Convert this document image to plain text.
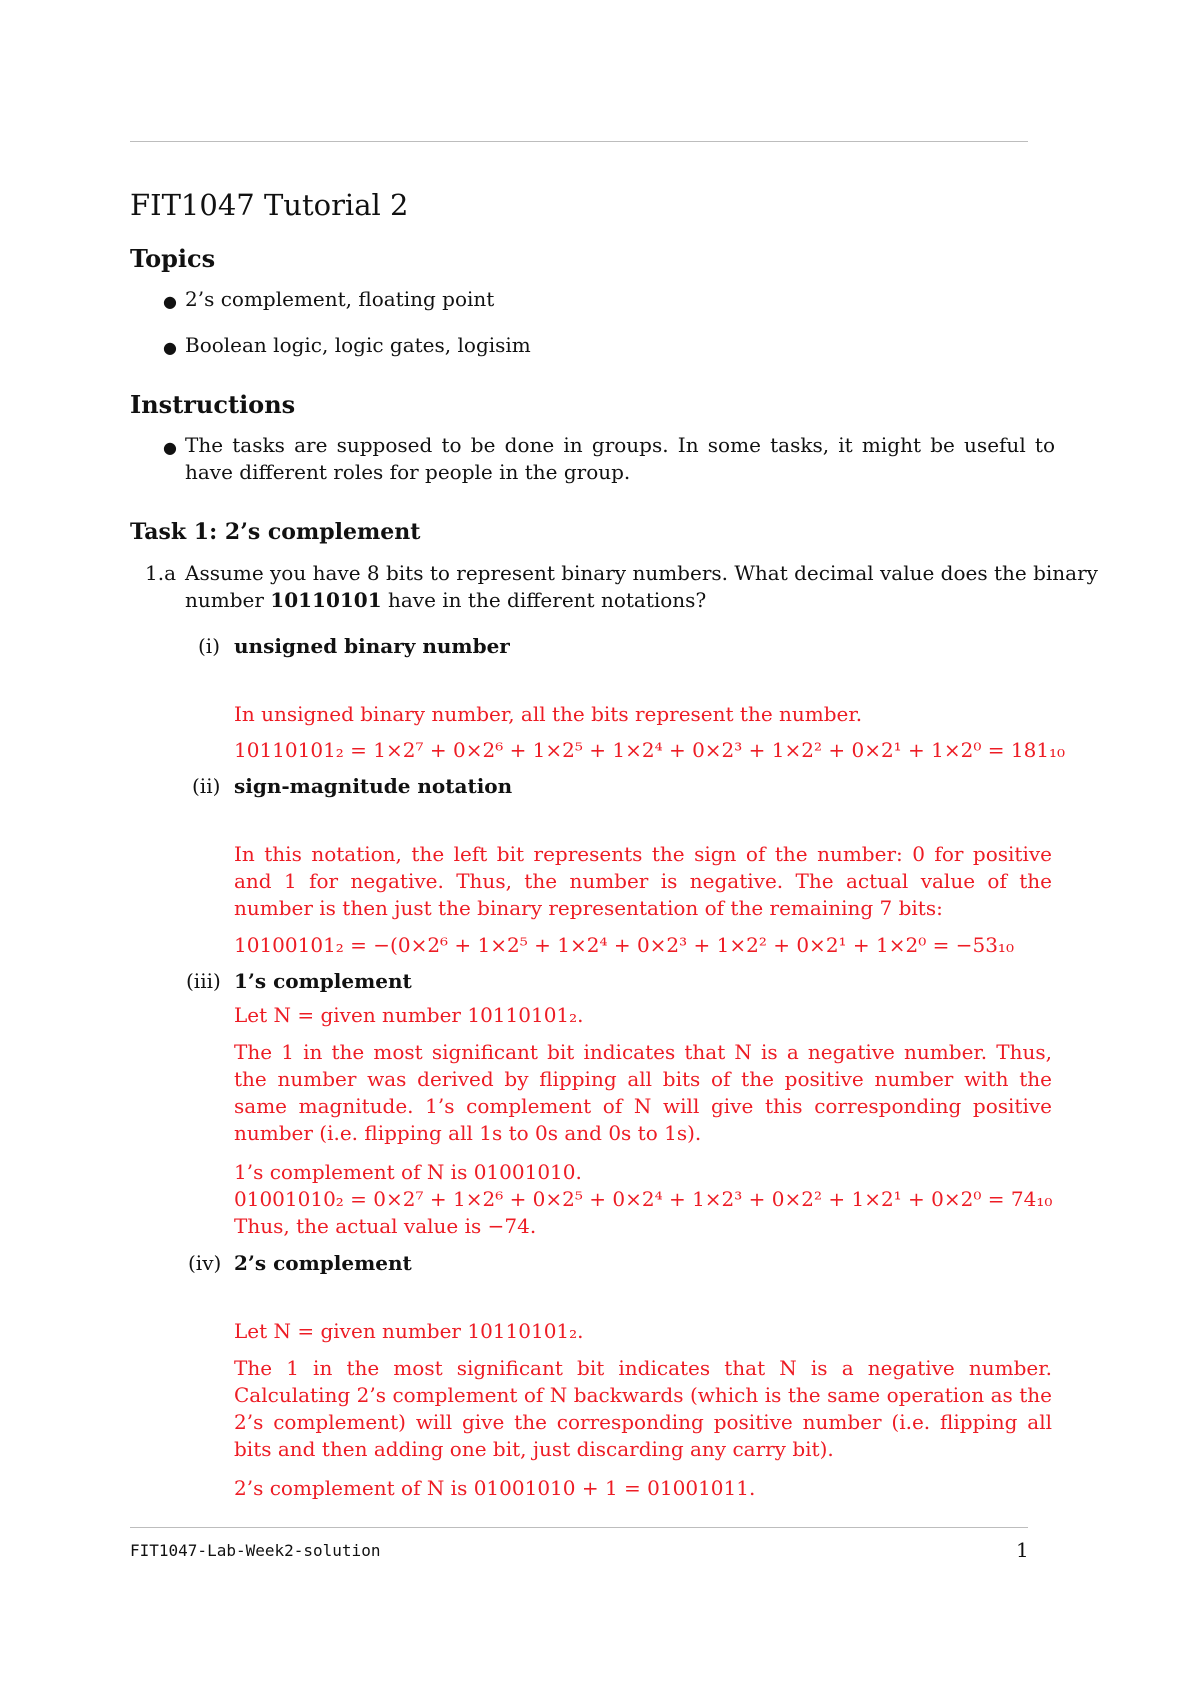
FIT1047 Tutorial 2
Topics
● 2’s complement, floating point
● Boolean logic, logic gates, logisim
Instructions
● The tasks are supposed to be done in groups. In some tasks, it might be useful to have different roles for people in the group.
Task 1: 2’s complement
1.a Assume you have 8 bits to represent binary numbers. What decimal value does the binary
number 10110101 have in the different notations?
(i) unsigned binary number
In unsigned binary number, all the bits represent the number.
10110101₂ = 1×2⁷ + 0×2⁶ + 1×2⁵ + 1×2⁴ + 0×2³ + 1×2² + 0×2¹ + 1×2⁰ = 181₁₀
(ii) sign-magnitude notation
In this notation, the left bit represents the sign of the number: 0 for positive and 1 for negative. Thus, the number is negative. The actual value of the number is then just the binary representation of the remaining 7 bits:
10100101₂ = −(0×2⁶ + 1×2⁵ + 1×2⁴ + 0×2³ + 1×2² + 0×2¹ + 1×2⁰ = −53₁₀
(iii) 1’s complement
Let N = given number 10110101₂.
The 1 in the most significant bit indicates that N is a negative number. Thus, the number was derived by flipping all bits of the positive number with the same magnitude. 1’s complement of N will give this corresponding positive number (i.e. flipping all 1s to 0s and 0s to 1s).
1’s complement of N is 01001010.
01001010₂ = 0×2⁷ + 1×2⁶ + 0×2⁵ + 0×2⁴ + 1×2³ + 0×2² + 1×2¹ + 0×2⁰ = 74₁₀
Thus, the actual value is −74.
(iv) 2’s complement
Let N = given number 10110101₂.
The 1 in the most significant bit indicates that N is a negative number. Calculating 2’s complement of N backwards (which is the same operation as the 2’s complement) will give the corresponding positive number (i.e. flipping all bits and then adding one bit, just discarding any carry bit).
2’s complement of N is 01001010 + 1 = 01001011.
FIT1047-Lab-Week2-solution	1
